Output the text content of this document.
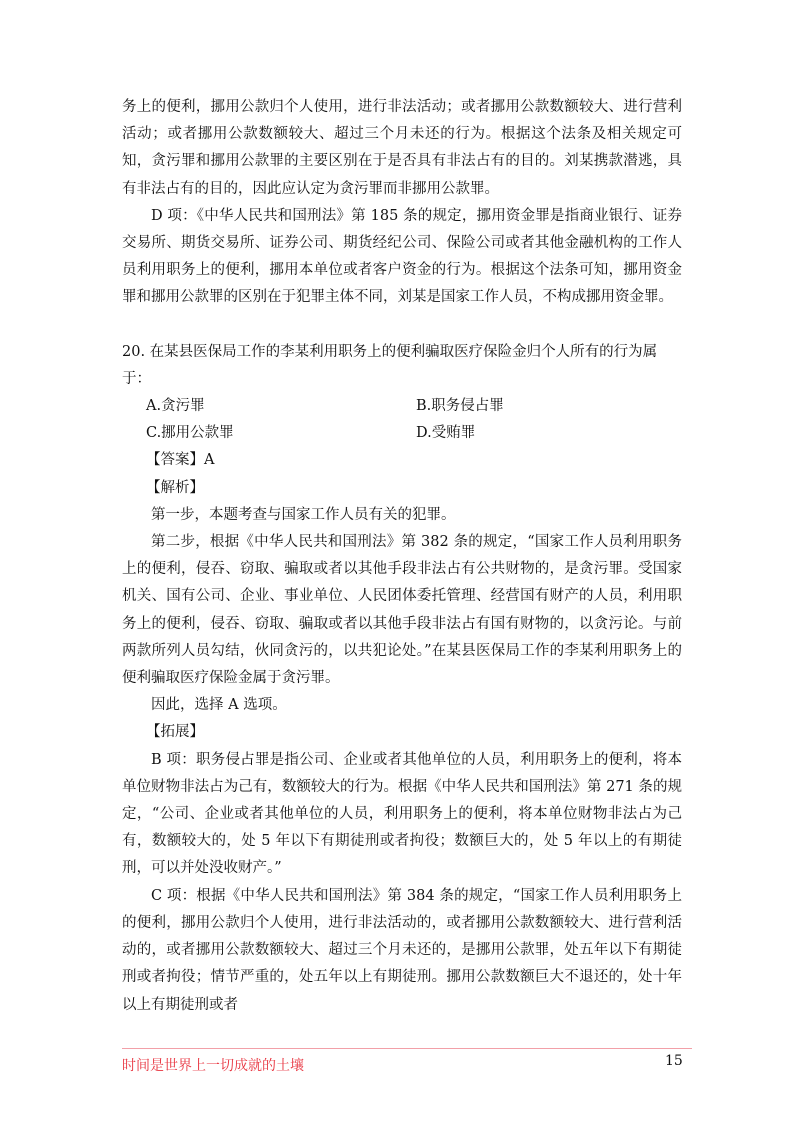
务上的便利，挪用公款归个人使用，进行非法活动；或者挪用公款数额较大、进行营利活动；或者挪用公款数额较大、超过三个月未还的行为。根据这个法条及相关规定可知，贪污罪和挪用公款罪的主要区别在于是否具有非法占有的目的。刘某携款潜逃，具有非法占有的目的，因此应认定为贪污罪而非挪用公款罪。

D 项：《中华人民共和国刑法》第 185 条的规定，挪用资金罪是指商业银行、证券交易所、期货交易所、证券公司、期货经纪公司、保险公司或者其他金融机构的工作人员利用职务上的便利，挪用本单位或者客户资金的行为。根据这个法条可知，挪用资金罪和挪用公款罪的区别在于犯罪主体不同，刘某是国家工作人员，不构成挪用资金罪。

20. 在某县医保局工作的李某利用职务上的便利骗取医疗保险金归个人所有的行为属于：

A.贪污罪	B.职务侵占罪
C.挪用公款罪	D.受贿罪
【答案】A
【解析】

第一步，本题考查与国家工作人员有关的犯罪。

第二步，根据《中华人民共和国刑法》第 382 条的规定，“国家工作人员利用职务上的便利，侵吞、窃取、骗取或者以其他手段非法占有公共财物的，是贪污罪。受国家机关、国有公司、企业、事业单位、人民团体委托管理、经营国有财产的人员，利用职务上的便利，侵吞、窃取、骗取或者以其他手段非法占有国有财物的，以贪污论。与前两款所列人员勾结，伙同贪污的，以共犯论处。”在某县医保局工作的李某利用职务上的便利骗取医疗保险金属于贪污罪。

因此，选择 A 选项。

【拓展】

B 项：职务侵占罪是指公司、企业或者其他单位的人员，利用职务上的便利，将本单位财物非法占为己有，数额较大的行为。根据《中华人民共和国刑法》第 271 条的规定，“公司、企业或者其他单位的人员，利用职务上的便利，将本单位财物非法占为己有，数额较大的，处 5 年以下有期徒刑或者拘役；数额巨大的，处 5 年以上的有期徒刑，可以并处没收财产。”

C 项：根据《中华人民共和国刑法》第 384 条的规定，“国家工作人员利用职务上的便利，挪用公款归个人使用，进行非法活动的，或者挪用公款数额较大、进行营利活动的，或者挪用公款数额较大、超过三个月未还的，是挪用公款罪，处五年以下有期徒刑或者拘役；情节严重的，处五年以上有期徒刑。挪用公款数额巨大不退还的，处十年以上有期徒刑或者

时间是世界上一切成就的土壤	15
